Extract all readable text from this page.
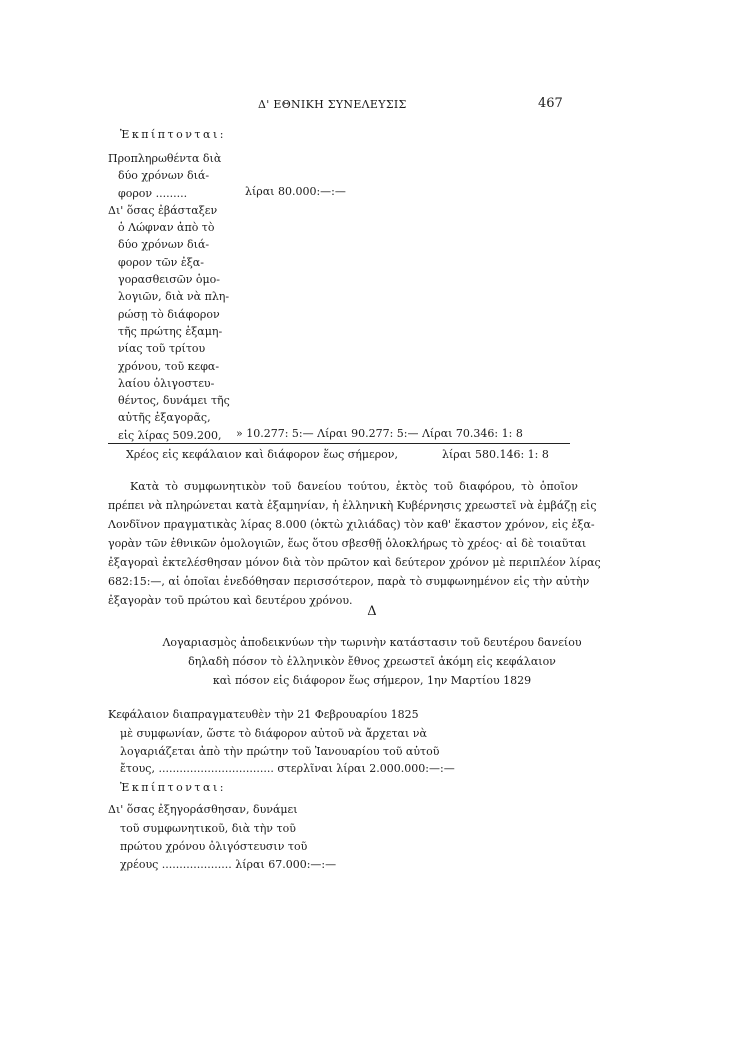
Δ' ΕΘΝΙΚΗ ΣΥΝΕΛΕΥΣΙΣ	467
Ἐκπίπτονται:
Προπληρωθέντα διὰ
δύο χρόνων διά-
φορον .........
Δι' ὅσας ἐβάσταξεν
ὁ Λώφναν ἀπὸ τὸ
δύο χρόνων διά-
φορον τῶν ἐξα-
γορασθεισῶν ὁμο-
λογιῶν, διὰ νὰ πλη-
ρώσῃ τὸ διάφορον
τῆς πρώτης ἑξαμη-
νίας τοῦ τρίτου
χρόνου, τοῦ κεφα-
λαίου ὀλιγοστευ-
θέντος, δυνάμει τῆς
αὐτῆς ἐξαγορᾶς,
εἰς λίρας 509.200,
λίραι 80.000:—:—
» 10.277: 5:— Λίραι 90.277: 5:— Λίραι 70.346: 1: 8
Χρέος εἰς κεφάλαιον καὶ διάφορον ἕως σήμερον,	λίραι 580.146: 1: 8
Κατὰ τὸ συμφωνητικὸν τοῦ δανείου τούτου, ἐκτὸς τοῦ διαφόρου, τὸ ὁποῖον
πρέπει νὰ πληρώνεται κατὰ ἑξαμηνίαν, ἡ ἑλληνικὴ Κυβέρνησις χρεωστεῖ νὰ ἐμβάζῃ εἰς
Λονδῖνον πραγματικὰς λίρας 8.000 (ὀκτὼ χιλιάδας) τὸν καθ' ἕκαστον χρόνον, εἰς ἐξα-
γορὰν τῶν ἐθνικῶν ὁμολογιῶν, ἕως ὅτου σβεσθῇ ὁλοκλήρως τὸ χρέος· αἱ δὲ τοιαῦται
ἐξαγοραὶ ἐκτελέσθησαν μόνον διὰ τὸν πρῶτον καὶ δεύτερον χρόνον μὲ περιπλέον λίρας
682:15:—, αἱ ὁποῖαι ἐνεδόθησαν περισσότερον, παρὰ τὸ συμφωνημένον εἰς τὴν αὐτὴν
ἐξαγορὰν τοῦ πρώτου καὶ δευτέρου χρόνου.
Δ
Λογαριασμὸς ἀποδεικνύων τὴν τωρινὴν κατάστασιν τοῦ δευτέρου δανείου
δηλαδὴ πόσον τὸ ἑλληνικὸν ἔθνος χρεωστεῖ ἀκόμη εἰς κεφάλαιον
καὶ πόσον εἰς διάφορον ἕως σήμερον, 1ην Μαρτίου 1829
Κεφάλαιον διαπραγματευθὲν τὴν 21 Φεβρουαρίου 1825
μὲ συμφωνίαν, ὥστε τὸ διάφορον αὐτοῦ νὰ ἄρχεται νὰ
λογαριάζεται ἀπὸ τὴν πρώτην τοῦ Ἰανουαρίου τοῦ αὐτοῦ
ἔτους, ................................. στερλῖναι λίραι 2.000.000:—:—
Ἐκπίπτονται:
Δι' ὅσας ἐξηγοράσθησαν, δυνάμει
τοῦ συμφωνητικοῦ, διὰ τὴν τοῦ
πρώτου χρόνου ὀλιγόστευσιν τοῦ
χρέους .................... λίραι 67.000:—:—
